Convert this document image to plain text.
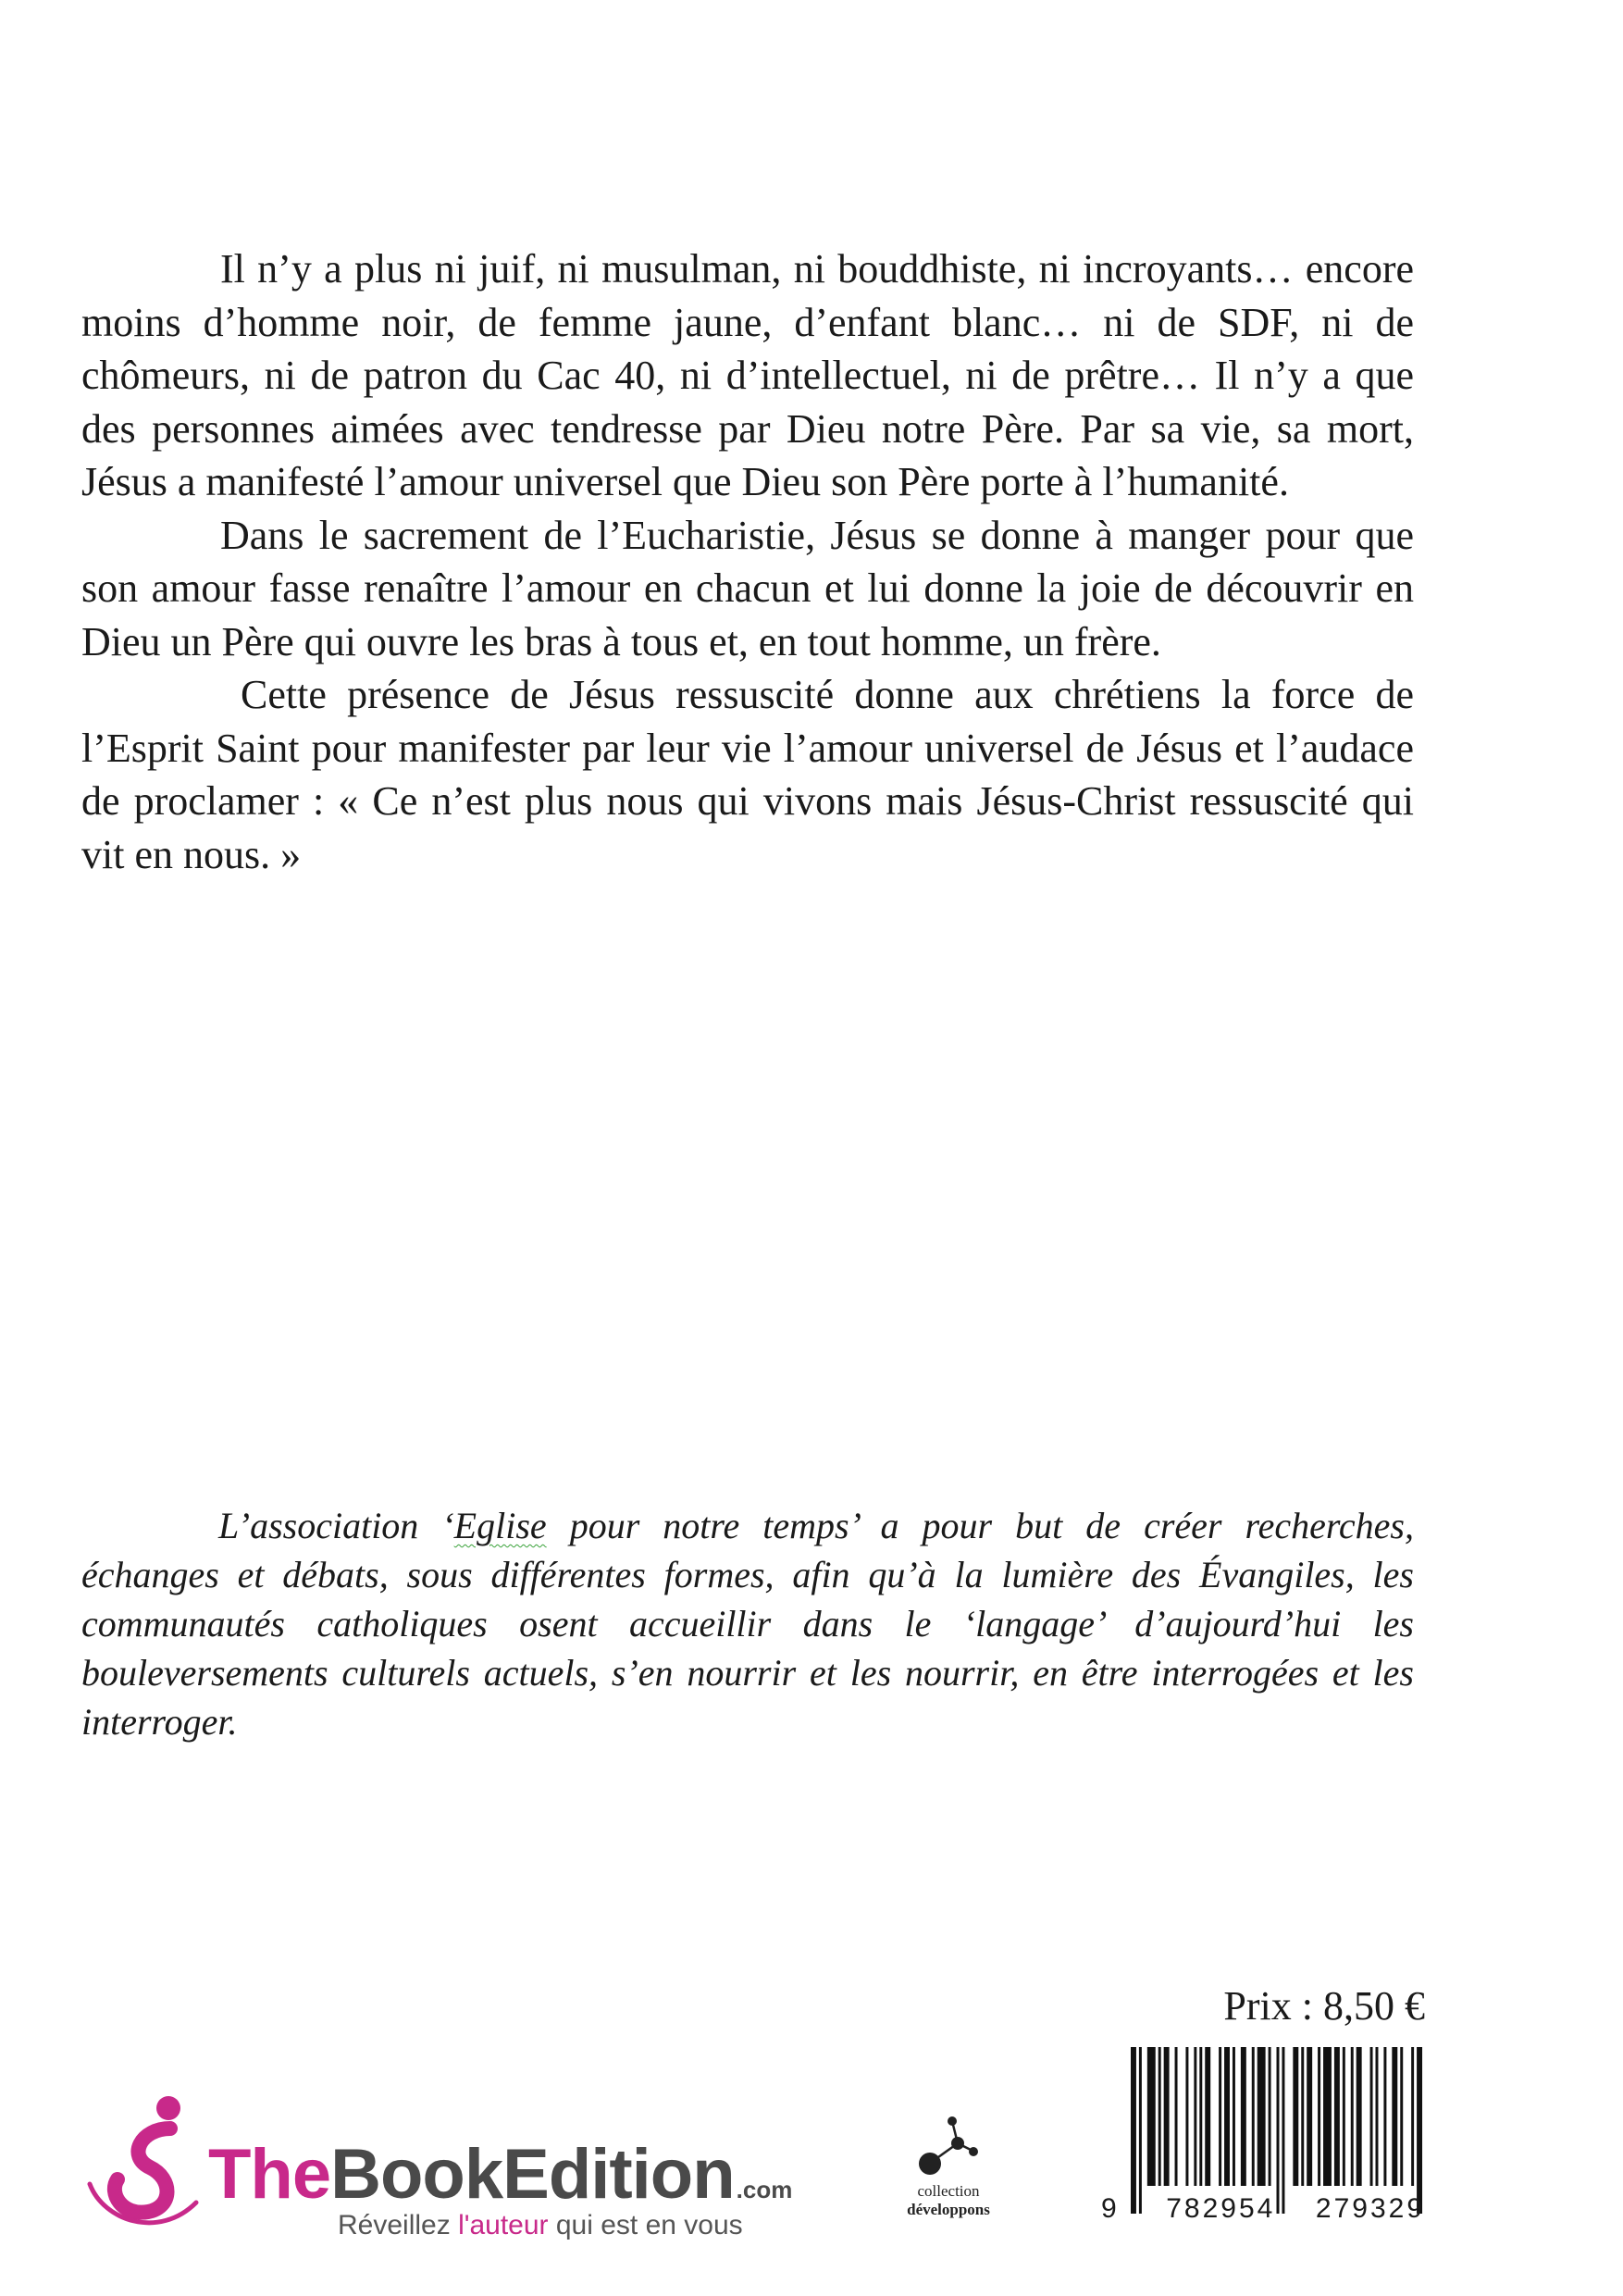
Il n’y a plus ni juif, ni musulman, ni bouddhiste, ni incroyants… encore moins d’homme noir, de femme jaune, d’enfant blanc… ni de SDF, ni de chômeurs, ni de patron du Cac 40, ni d’intellectuel, ni de prêtre… Il n’y a que des personnes aimées avec tendresse par Dieu notre Père. Par sa vie, sa mort, Jésus a manifesté l’amour universel que Dieu son Père porte à l’humanité.

Dans le sacrement de l’Eucharistie, Jésus se donne à manger pour que son amour fasse renaître l’amour en chacun et lui donne la joie de découvrir en Dieu un Père qui ouvre les bras à tous et, en tout homme, un frère.

Cette présence de Jésus ressuscité donne aux chrétiens la force de l’Esprit Saint pour manifester par leur vie l’amour universel de Jésus et l’audace de proclamer : « Ce n’est plus nous qui vivons mais Jésus-Christ ressuscité qui vit en nous. »

L’association ‘Eglise pour notre temps’ a pour but de créer recherches, échanges et débats, sous différentes formes, afin qu’à la lumière des Évangiles, les communautés catholiques osent accueillir dans le ‘langage’ d’aujourd’hui les bouleversements culturels actuels, s’en nourrir et les nourrir, en être interrogées et les interroger.

Prix : 8,50 €
9 782954 279329
TheBookEdition.com
Réveillez l'auteur qui est en vous
collection
développons
